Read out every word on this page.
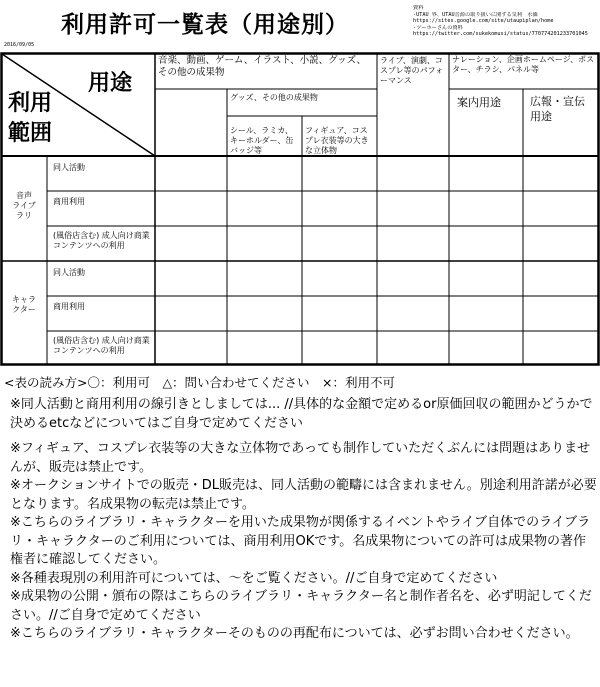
利用許可一覧表（用途別）
資料
-UTAU 界、UTAU音源の取り扱いに関する気利　水価
https://sites.google.com/site/utaupiplan/home
-ツーホーさんの資料
https://twitter.com/sukekomusi/status/770774201233701045
2016/09/05
用途
利用
範囲
音楽、動画、ゲーム、イラスト、小説、グッズ、その他の成果物
グッズ、その他の成果物
シール、ラミカ、キーホルダー、缶バッジ等
フィギュア、コスプレ衣装等の大きな立体物
ライブ、演劇、コスプレ等のパフォーマンス
ナレーション、企画ホームページ、ポスター、チラシ、パネル等
案内用途	広報・宣伝用途
音声
ライブ
ラリ
キャラ
クター
同人活動
商用利用
(風俗店含む) 成人向け商業コンテンツへの利用
同人活動
商用利用
(風俗店含む) 成人向け商業コンテンツへの利用
<表の読み方>〇：利用可　△：問い合わせてください　×：利用不可

※同人活動と商用利用の線引きとしましては... //具体的な金額で定めるor原価回収の範囲かどうかで決めるetcなどについてはご自身で定めてください

※フィギュア、コスプレ衣装等の大きな立体物であっても制作していただくぶんには問題はありませんが、販売は禁止です。

※オークションサイトでの販売・DL販売は、同人活動の範疇には含まれません。別途利用許諾が必要となります。名成果物の転売は禁止です。

※こちらのライブラリ・キャラクターを用いた成果物が関係するイベントやライブ自体でのライブラリ・キャラクターのご利用については、商用利用OKです。名成果物についての許可は成果物の著作権者に確認してください。

※各種表現別の利用許可については、～をご覧ください。//ご自身で定めてください

※成果物の公開・頒布の際はこちらのライブラリ・キャラクター名と制作者名を、必ず明記してください。//ご自身で定めてください

※こちらのライブラリ・キャラクターそのものの再配布については、必ずお問い合わせください。
